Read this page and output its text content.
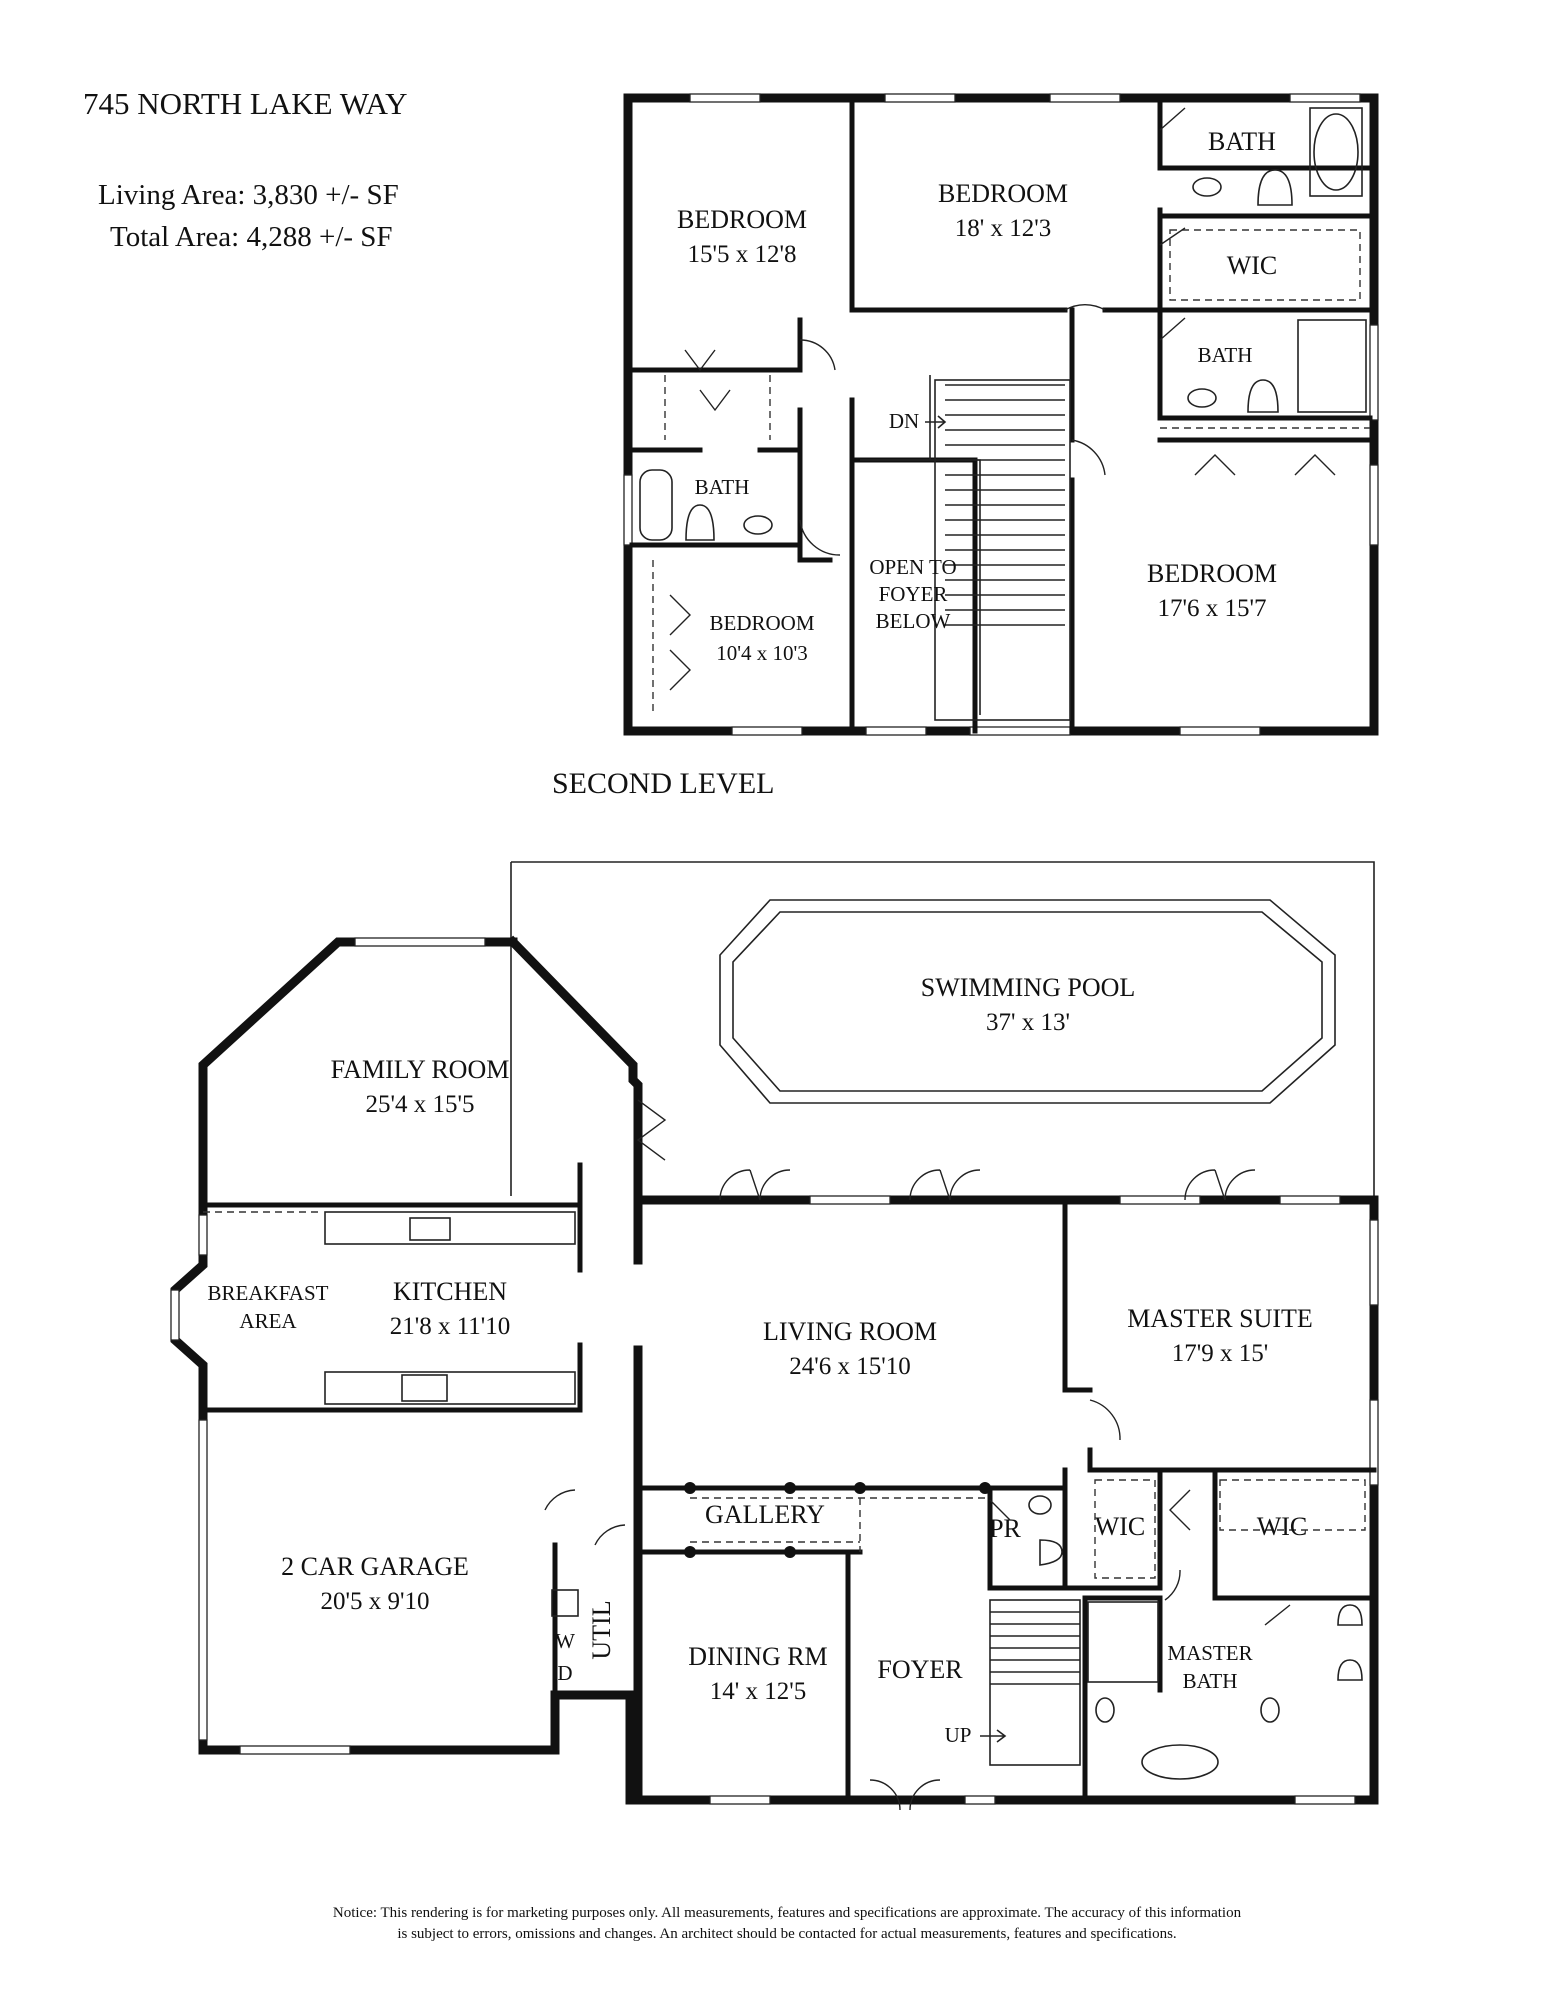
745 NORTH LAKE WAY
Living Area: 3,830 +/- SF
Total Area: 4,288 +/- SF
BEDROOM
15'5 x 12'8
BEDROOM
18' x 12'3
BATH
WIC
BATH
DN
BATH
BEDROOM
10'4 x 10'3
OPEN TO
FOYER
BELOW
BEDROOM
17'6 x 15'7
SECOND LEVEL
SWIMMING POOL
37' x 13'
BREAKFAST
AREA
KITCHEN
21'8 x 11'10
FAMILY ROOM
25'4 x 15'5
2 CAR GARAGE
20'5 x 9'10
W
D
UTIL
LIVING ROOM
24'6 x 15'10
MASTER SUITE
17'9 x 15'
GALLERY
DINING RM
14' x 12'5
FOYER
UP
PR	WIC	WIC
MASTER
BATH
Notice: This rendering is for marketing purposes only. All measurements, features and specifications are approximate. The accuracy of this information
is subject to errors, omissions and changes. An architect should be contacted for actual measurements, features and specifications.
